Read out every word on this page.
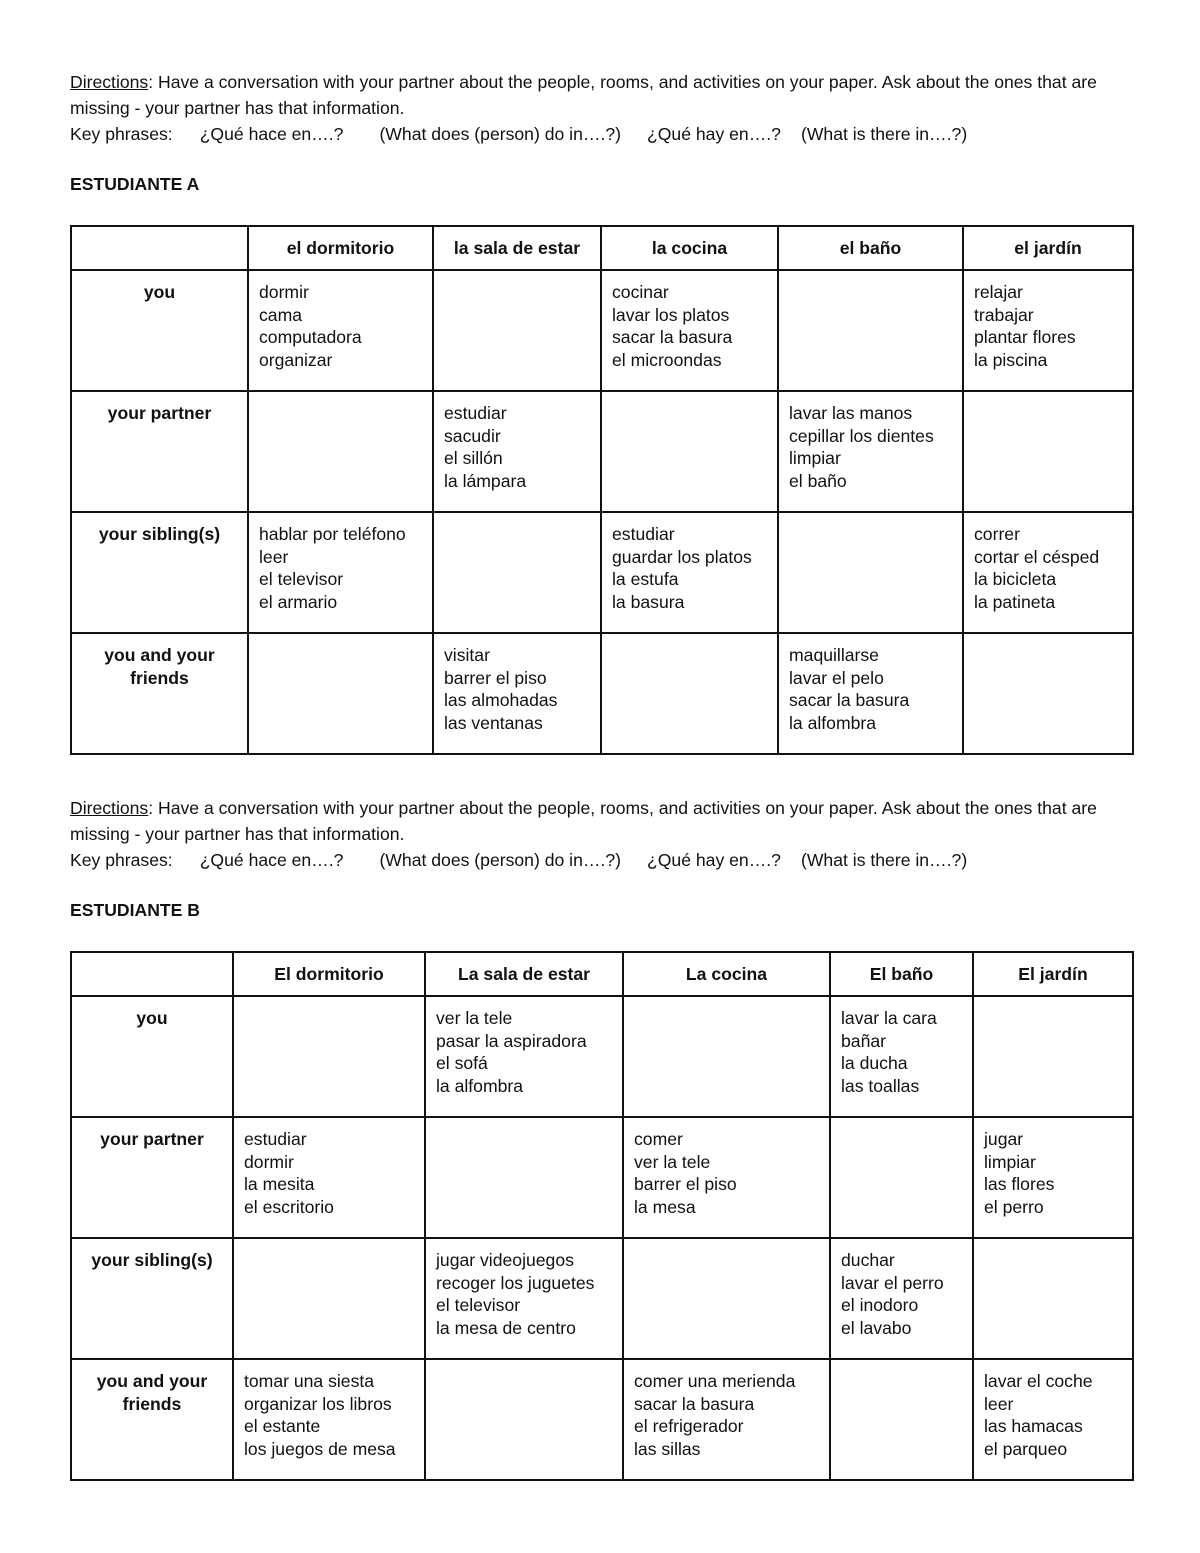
Directions: Have a conversation with your partner about the people, rooms, and activities on your paper. Ask about the ones that are missing - your partner has that information.

Key phrases: ¿Qué hace en….? (What does (person) do in….?) ¿Qué hay en….? (What is there in….?)

ESTUDIANTE A

	el dormitorio	la sala de estar	la cocina	el baño	el jardín
you	dormir
cama
computadora
organizar		cocinar
lavar los platos
sacar la basura
el microondas		relajar
trabajar
plantar flores
la piscina

your partner		estudiar
sacudir
el sillón
la lámpara		lavar las manos
cepillar los dientes
limpiar
el baño	

your sibling(s)	hablar por teléfono
leer
el televisor
el armario		estudiar
guardar los platos
la estufa
la basura		correr
cortar el césped
la bicicleta
la patineta

you and your friends		visitar
barrer el piso
las almohadas
las ventanas		maquillarse
lavar el pelo
sacar la basura
la alfombra	

Directions: Have a conversation with your partner about the people, rooms, and activities on your paper. Ask about the ones that are missing - your partner has that information.

Key phrases: ¿Qué hace en….? (What does (person) do in….?) ¿Qué hay en….? (What is there in….?)

ESTUDIANTE B

	El dormitorio	La sala de estar	La cocina	El baño	El jardín
you		ver la tele
pasar la aspiradora
el sofá
la alfombra		lavar la cara
bañar
la ducha
las toallas	

your partner	estudiar
dormir
la mesita
el escritorio		comer
ver la tele
barrer el piso
la mesa		jugar
limpiar
las flores
el perro

your sibling(s)		jugar videojuegos
recoger los juguetes
el televisor
la mesa de centro		duchar
lavar el perro
el inodoro
el lavabo	

you and your friends	tomar una siesta
organizar los libros
el estante
los juegos de mesa		comer una merienda
sacar la basura
el refrigerador
las sillas		lavar el coche
leer
las hamacas
el parqueo
